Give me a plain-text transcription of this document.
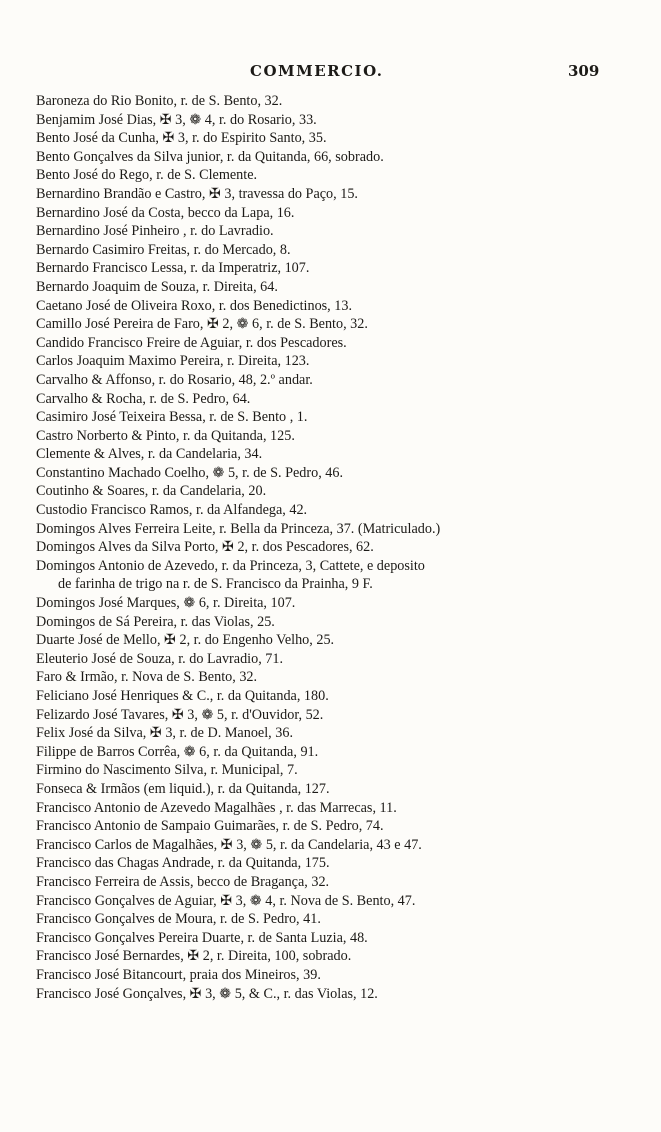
COMMERCIO.	309
Baroneza do Rio Bonito, r. de S. Bento, 32.
Benjamim José Dias, ✠ 3, ❁ 4, r. do Rosario, 33.
Bento José da Cunha, ✠ 3, r. do Espirito Santo, 35.
Bento Gonçalves da Silva junior, r. da Quitanda, 66, sobrado.
Bento José do Rego, r. de S. Clemente.
Bernardino Brandão e Castro, ✠ 3, travessa do Paço, 15.
Bernardino José da Costa, becco da Lapa, 16.
Bernardino José Pinheiro , r. do Lavradio.
Bernardo Casimiro Freitas, r. do Mercado, 8.
Bernardo Francisco Lessa, r. da Imperatriz, 107.
Bernardo Joaquim de Souza, r. Direita, 64.
Caetano José de Oliveira Roxo, r. dos Benedictinos, 13.
Camillo José Pereira de Faro, ✠ 2, ❁ 6, r. de S. Bento, 32.
Candido Francisco Freire de Aguiar, r. dos Pescadores.
Carlos Joaquim Maximo Pereira, r. Direita, 123.
Carvalho & Affonso, r. do Rosario, 48, 2.º andar.
Carvalho & Rocha, r. de S. Pedro, 64.
Casimiro José Teixeira Bessa, r. de S. Bento , 1.
Castro Norberto & Pinto, r. da Quitanda, 125.
Clemente & Alves, r. da Candelaria, 34.
Constantino Machado Coelho, ❁ 5, r. de S. Pedro, 46.
Coutinho & Soares, r. da Candelaria, 20.
Custodio Francisco Ramos, r. da Alfandega, 42.
Domingos Alves Ferreira Leite, r. Bella da Princeza, 37. (Matriculado.)
Domingos Alves da Silva Porto, ✠ 2, r. dos Pescadores, 62.
Domingos Antonio de Azevedo, r. da Princeza, 3, Cattete, e deposito
de farinha de trigo na r. de S. Francisco da Prainha, 9 F.
Domingos José Marques, ❁ 6, r. Direita, 107.
Domingos de Sá Pereira, r. das Violas, 25.
Duarte José de Mello, ✠ 2, r. do Engenho Velho, 25.
Eleuterio José de Souza, r. do Lavradio, 71.
Faro & Irmão, r. Nova de S. Bento, 32.
Feliciano José Henriques & C., r. da Quitanda, 180.
Felizardo José Tavares, ✠ 3, ❁ 5, r. d'Ouvidor, 52.
Felix José da Silva, ✠ 3, r. de D. Manoel, 36.
Filippe de Barros Corrêa, ❁ 6, r. da Quitanda, 91.
Firmino do Nascimento Silva, r. Municipal, 7.
Fonseca & Irmãos (em liquid.), r. da Quitanda, 127.
Francisco Antonio de Azevedo Magalhães , r. das Marrecas, 11.
Francisco Antonio de Sampaio Guimarães, r. de S. Pedro, 74.
Francisco Carlos de Magalhães, ✠ 3, ❁ 5, r. da Candelaria, 43 e 47.
Francisco das Chagas Andrade, r. da Quitanda, 175.
Francisco Ferreira de Assis, becco de Bragança, 32.
Francisco Gonçalves de Aguiar, ✠ 3, ❁ 4, r. Nova de S. Bento, 47.
Francisco Gonçalves de Moura, r. de S. Pedro, 41.
Francisco Gonçalves Pereira Duarte, r. de Santa Luzia, 48.
Francisco José Bernardes, ✠ 2, r. Direita, 100, sobrado.
Francisco José Bitancourt, praia dos Mineiros, 39.
Francisco José Gonçalves, ✠ 3, ❁ 5, & C., r. das Violas, 12.
